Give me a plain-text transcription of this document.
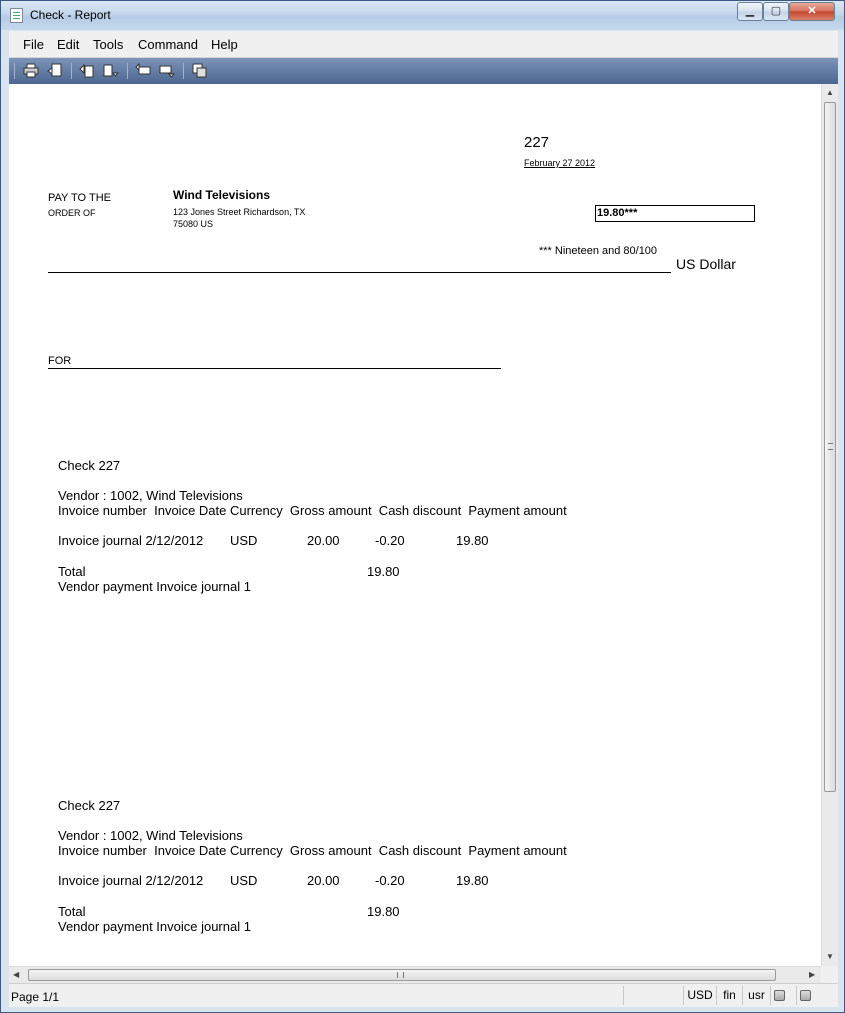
Check - Report	▁	▢	✕
File Edit Tools Command Help
227
February 27 2012
PAY TO THE
ORDER OF
Wind Televisions
123 Jones Street Richardson, TX
75080 US
19.80***
*** Nineteen and 80/100
US Dollar
FOR
Check 227
Vendor : 1002, Wind Televisions
Invoice number  Invoice Date Currency  Gross amount  Cash discount  Payment amount
Invoice journal 2/12/2012 USD	20.00	-0.20	19.80
Total	19.80
Vendor payment Invoice journal 1
Check 227
Vendor : 1002, Wind Televisions
Invoice number  Invoice Date Currency  Gross amount  Cash discount  Payment amount
Invoice journal 2/12/2012 USD	20.00	-0.20	19.80
Total	19.80
Vendor payment Invoice journal 1
▲
▼
◀	▶
Page 1/1	USD fin	usr
